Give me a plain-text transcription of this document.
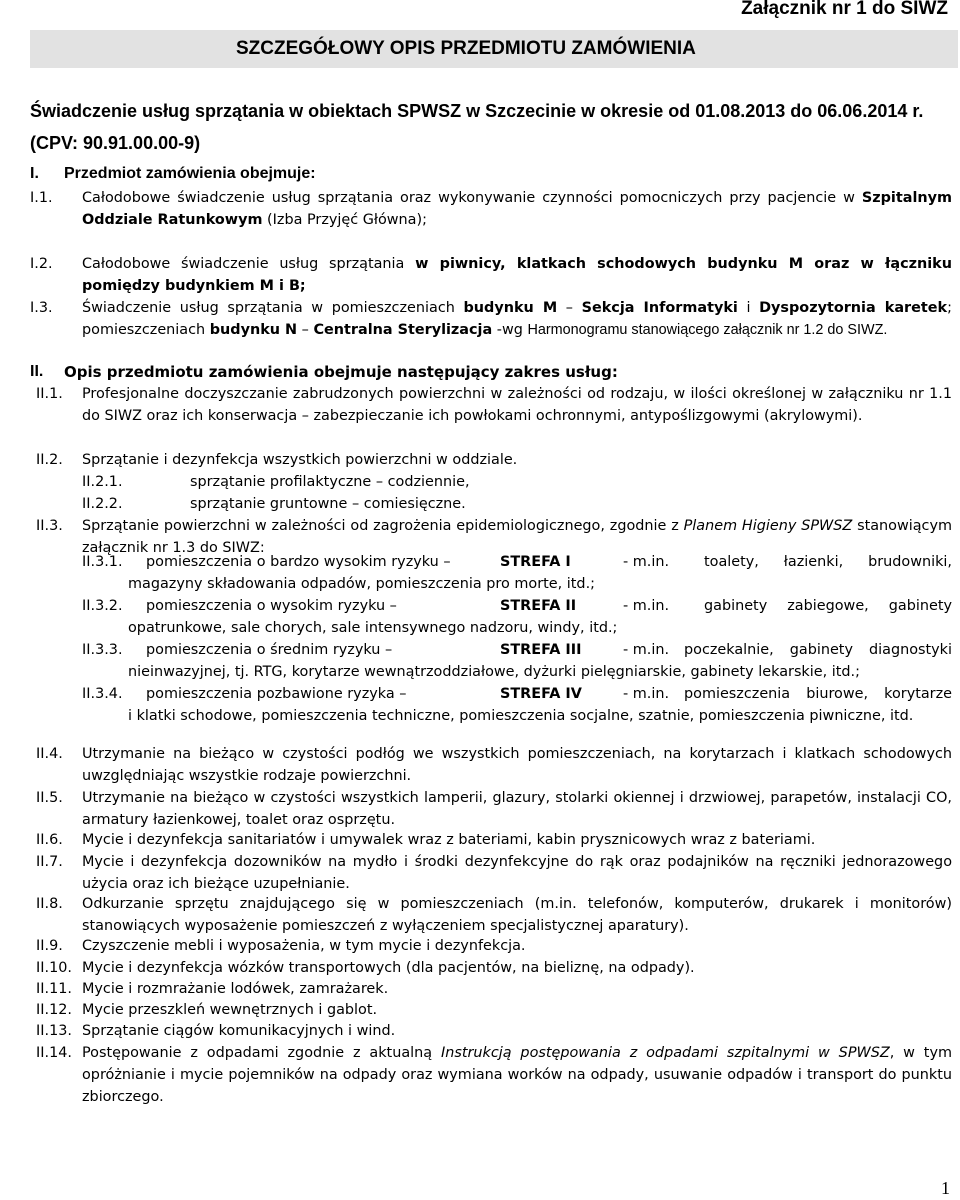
Załącznik nr 1 do SIWZ
SZCZEGÓŁOWY OPIS PRZEDMIOTU ZAMÓWIENIA
Świadczenie usług sprzątania w obiektach SPWSZ w Szczecinie w okresie od 01.08.2013 do 06.06.2014 r.
(CPV: 90.91.00.00-9)
I. Przedmiot zamówienia obejmuje:
I.1. Całodobowe świadczenie usług sprzątania oraz wykonywanie czynności pomocniczych przy pacjencie w Szpitalnym Oddziale Ratunkowym (Izba Przyjęć Główna);
I.2. Całodobowe świadczenie usług sprzątania w piwnicy, klatkach schodowych budynku M oraz w łączniku pomiędzy budynkiem M i B;
I.3. Świadczenie usług sprzątania w pomieszczeniach budynku M – Sekcja Informatyki i Dyspozytornia karetek; pomieszczeniach budynku N – Centralna Sterylizacja -wg Harmonogramu stanowiącego załącznik nr 1.2 do SIWZ.
II. Opis przedmiotu zamówienia obejmuje następujący zakres usług:
II.1. Profesjonalne doczyszczanie zabrudzonych powierzchni w zależności od rodzaju, w ilości określonej w załączniku nr 1.1 do SIWZ oraz ich konserwacja – zabezpieczanie ich powłokami ochronnymi, antypoślizgowymi (akrylowymi).
II.2. Sprzątanie i dezynfekcja wszystkich powierzchni w oddziale.
II.2.1.	sprzątanie profilaktyczne – codziennie,
II.2.2.	sprzątanie gruntowne – comiesięczne.
II.3. Sprzątanie powierzchni w zależności od zagrożenia epidemiologicznego, zgodnie z Planem Higieny SPWSZ stanowiącym załącznik nr 1.3 do SIWZ:
II.3.1. pomieszczenia o bardzo wysokim ryzyku –	STREFA I	- m.in. toalety, łazienki, brudowniki,
magazyny składowania odpadów, pomieszczenia pro morte, itd.;
II.3.2. pomieszczenia o wysokim ryzyku –	STREFA II	- m.in. gabinety zabiegowe, gabinety
opatrunkowe, sale chorych, sale intensywnego nadzoru, windy, itd.;
II.3.3. pomieszczenia o średnim ryzyku –	STREFA III	- m.in. poczekalnie, gabinety diagnostyki
nieinwazyjnej, tj. RTG, korytarze wewnątrzoddziałowe, dyżurki pielęgniarskie, gabinety lekarskie, itd.;
II.3.4. pomieszczenia pozbawione ryzyka –	STREFA IV	- m.in. pomieszczenia biurowe, korytarze
i klatki schodowe, pomieszczenia techniczne, pomieszczenia socjalne, szatnie, pomieszczenia piwniczne, itd.
II.4. Utrzymanie na bieżąco w czystości podłóg we wszystkich pomieszczeniach, na korytarzach i klatkach schodowych uwzględniając wszystkie rodzaje powierzchni.
II.5. Utrzymanie na bieżąco w czystości wszystkich lamperii, glazury, stolarki okiennej i drzwiowej, parapetów, instalacji CO, armatury łazienkowej, toalet oraz osprzętu.
II.6. Mycie i dezynfekcja sanitariatów i umywalek wraz z bateriami, kabin prysznicowych wraz z bateriami.
II.7. Mycie i dezynfekcja dozowników na mydło i środki dezynfekcyjne do rąk oraz podajników na ręczniki jednorazowego użycia oraz ich bieżące uzupełnianie.
II.8. Odkurzanie sprzętu znajdującego się w pomieszczeniach (m.in. telefonów, komputerów, drukarek i monitorów) stanowiących wyposażenie pomieszczeń z wyłączeniem specjalistycznej aparatury).
II.9. Czyszczenie mebli i wyposażenia, w tym mycie i dezynfekcja.
II.10. Mycie i dezynfekcja wózków transportowych (dla pacjentów, na bieliznę, na odpady).
II.11. Mycie i rozmrażanie lodówek, zamrażarek.
II.12. Mycie przeszkleń wewnętrznych i gablot.
II.13. Sprzątanie ciągów komunikacyjnych i wind.
II.14. Postępowanie z odpadami zgodnie z aktualną Instrukcją postępowania z odpadami szpitalnymi w SPWSZ, w tym opróżnianie i mycie pojemników na odpady oraz wymiana worków na odpady, usuwanie odpadów i transport do punktu zbiorczego.
1
